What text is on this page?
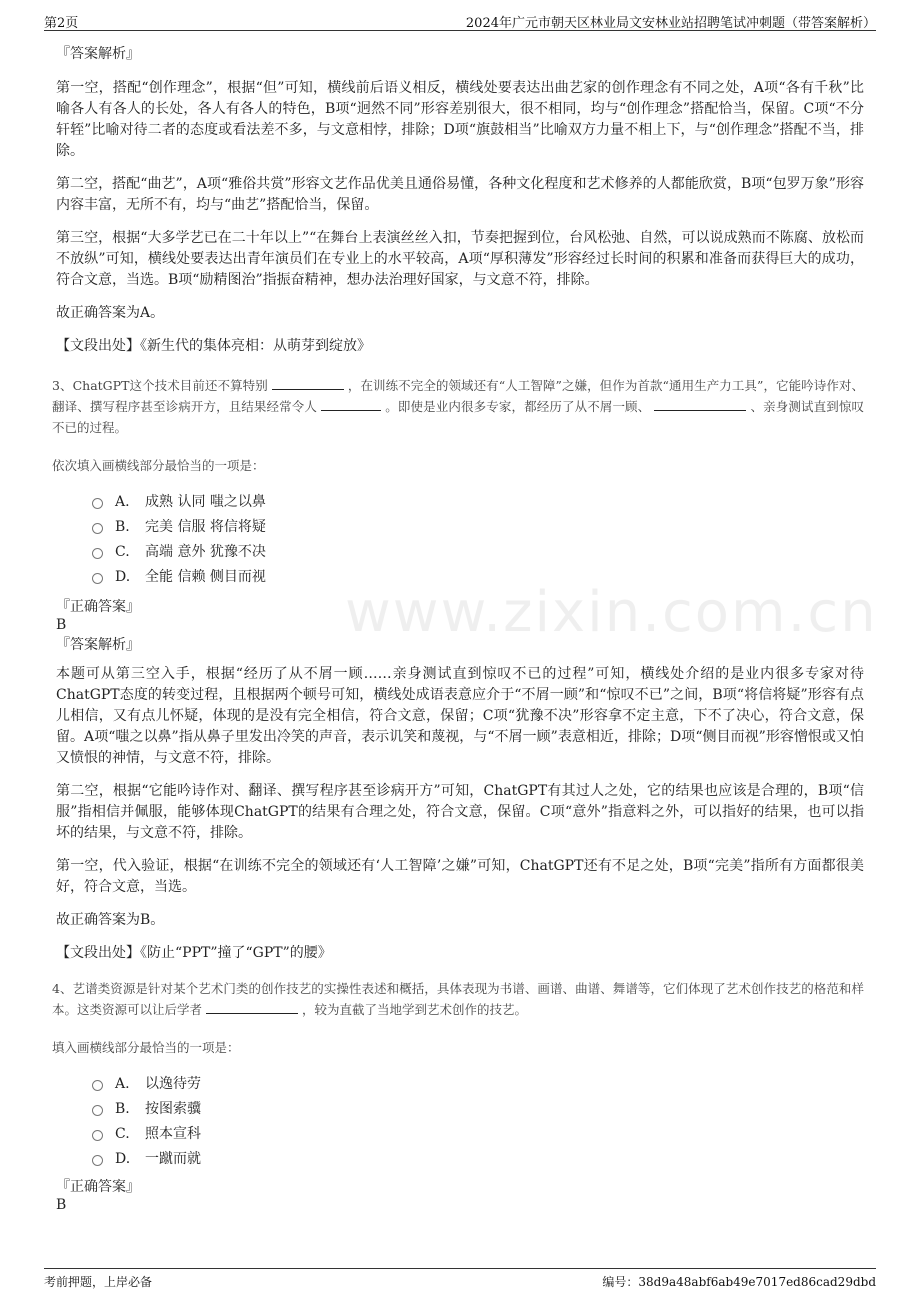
第2页	2024年广元市朝天区林业局文安林业站招聘笔试冲刺题（带答案解析）
www.zixin.com.cn

『答案解析』

第一空，搭配“创作理念”，根据“但”可知，横线前后语义相反，横线处要表达出曲艺家的创作理念有不同之处，A项“各有千秋”比喻各人有各人的长处，各人有各人的特色，B项“迥然不同”形容差别很大，很不相同，均与“创作理念”搭配恰当，保留。C项“不分轩轾”比喻对待二者的态度或看法差不多，与文意相悖，排除；D项“旗鼓相当”比喻双方力量不相上下，与“创作理念”搭配不当，排除。

第二空，搭配“曲艺”，A项“雅俗共赏”形容文艺作品优美且通俗易懂，各种文化程度和艺术修养的人都能欣赏，B项“包罗万象”形容内容丰富，无所不有，均与“曲艺”搭配恰当，保留。

第三空，根据“大多学艺已在二十年以上”“在舞台上表演丝丝入扣，节奏把握到位，台风松弛、自然，可以说成熟而不陈腐、放松而不放纵”可知，横线处要表达出青年演员们在专业上的水平较高，A项“厚积薄发”形容经过长时间的积累和准备而获得巨大的成功，符合文意，当选。B项“励精图治”指振奋精神，想办法治理好国家，与文意不符，排除。

故正确答案为A。

【文段出处】《新生代的集体亮相：从萌芽到绽放》

3、ChatGPT这个技术目前还不算特别	，在训练不完全的领域还有“人工智障”之嫌，但作为首款“通用生产力工具”，它能吟诗作对、翻译、撰写程序甚至诊病开方，且结果经常令人	。即使是业内很多专家，都经历了从不屑一顾、	、亲身测试直到惊叹不已的过程。

依次填入画横线部分最恰当的一项是：

A.	成熟 认同 嗤之以鼻
B.	完美 信服 将信将疑
C.	高端 意外 犹豫不决
D.	全能 信赖 侧目而视

『正确答案』

B

『答案解析』

本题可从第三空入手，根据“经历了从不屑一顾……亲身测试直到惊叹不已的过程”可知，横线处介绍的是业内很多专家对待ChatGPT态度的转变过程，且根据两个顿号可知，横线处成语表意应介于“不屑一顾”和“惊叹不已”之间，B项“将信将疑”形容有点儿相信，又有点儿怀疑，体现的是没有完全相信，符合文意，保留；C项“犹豫不决”形容拿不定主意，下不了决心，符合文意，保留。A项“嗤之以鼻”指从鼻子里发出冷笑的声音，表示讥笑和蔑视，与“不屑一顾”表意相近，排除；D项“侧目而视”形容憎恨或又怕又愤恨的神情，与文意不符，排除。

第二空，根据“它能吟诗作对、翻译、撰写程序甚至诊病开方”可知，ChatGPT有其过人之处，它的结果也应该是合理的，B项“信服”指相信并佩服，能够体现ChatGPT的结果有合理之处，符合文意，保留。C项“意外”指意料之外，可以指好的结果，也可以指坏的结果，与文意不符，排除。

第一空，代入验证，根据“在训练不完全的领域还有‘人工智障’之嫌”可知，ChatGPT还有不足之处，B项“完美”指所有方面都很美好，符合文意，当选。

故正确答案为B。

【文段出处】《防止“PPT”撞了“GPT”的腰》

4、艺谱类资源是针对某个艺术门类的创作技艺的实操性表述和概括，具体表现为书谱、画谱、曲谱、舞谱等，它们体现了艺术创作技艺的格范和样本。这类资源可以让后学者	，较为直截了当地学到艺术创作的技艺。

填入画横线部分最恰当的一项是：

A.	以逸待劳
B.	按图索骥
C.	照本宣科
D.	一蹴而就

『正确答案』

B

考前押题，上岸必备	编号：38d9a48abf6ab49e7017ed86cad29dbd
